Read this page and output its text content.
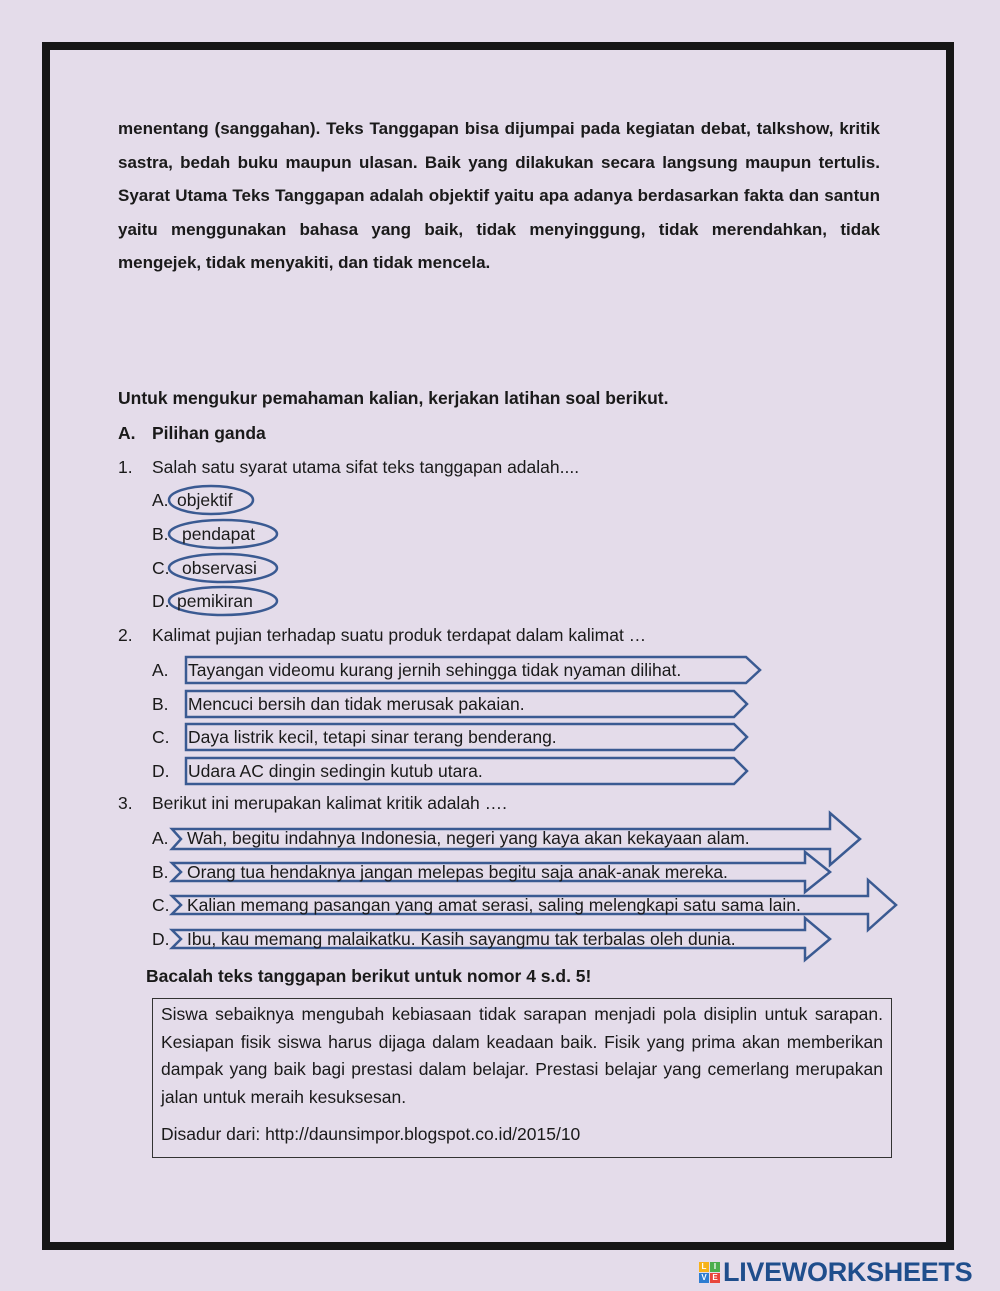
menentang (sanggahan). Teks Tanggapan bisa dijumpai pada kegiatan debat, talkshow, kritik sastra, bedah buku maupun ulasan. Baik yang dilakukan secara langsung maupun tertulis. Syarat Utama Teks Tanggapan adalah objektif yaitu apa adanya berdasarkan fakta dan santun yaitu menggunakan bahasa yang baik, tidak menyinggung, tidak merendahkan, tidak mengejek, tidak menyakiti, dan tidak mencela.

Untuk mengukur pemahaman kalian, kerjakan latihan soal berikut.
A. Pilihan ganda
1. Salah satu syarat utama sifat teks tanggapan adalah....
2. Kalimat pujian terhadap suatu produk terdapat dalam kalimat …
3. Berikut ini merupakan kalimat kritik adalah ….
A. objektif
B. pendapat
C. observasi
D. pemikiran
A. Tayangan videomu kurang jernih sehingga tidak nyaman dilihat.
B. Mencuci bersih dan tidak merusak pakaian.
C. Daya listrik kecil, tetapi sinar terang benderang.
D. Udara AC dingin sedingin kutub utara.
A. Wah, begitu indahnya Indonesia, negeri yang kaya akan kekayaan alam.
B. Orang tua hendaknya jangan melepas begitu saja anak-anak mereka.
C. Kalian memang pasangan yang amat serasi, saling melengkapi satu sama lain.
D. Ibu, kau memang malaikatku. Kasih sayangmu tak terbalas oleh dunia.
Bacalah teks tanggapan berikut untuk nomor 4 s.d. 5!

Siswa sebaiknya mengubah kebiasaan tidak sarapan menjadi pola disiplin untuk sarapan. Kesiapan fisik siswa harus dijaga dalam keadaan baik. Fisik yang prima akan memberikan dampak yang baik bagi prestasi dalam belajar. Prestasi belajar yang cemerlang merupakan jalan untuk meraih kesuksesan.

Disadur dari: http://daunsimpor.blogspot.co.id/2015/10

L I
V E LIVEWORKSHEETS
